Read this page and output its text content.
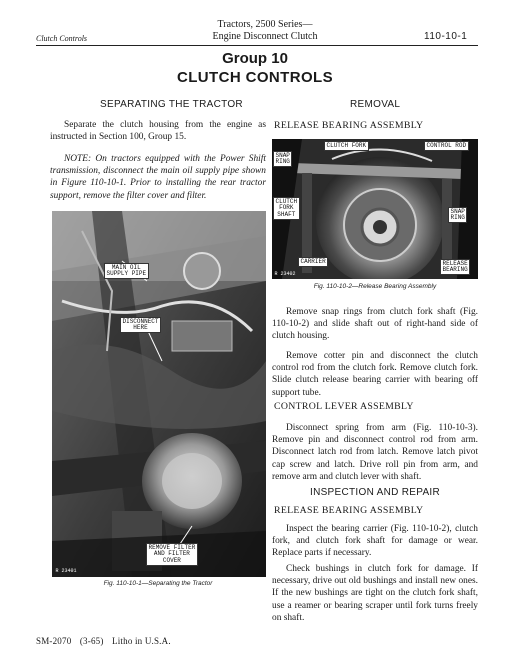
Clutch Controls
Tractors, 2500 Series—
Engine Disconnect Clutch	110-10-1
Group 10
CLUTCH CONTROLS
SEPARATING THE TRACTOR

Separate the clutch housing from the engine as instructed in Section 100, Group 15.

NOTE: On tractors equipped with the Power Shift transmission, disconnect the main oil supply pipe shown in Figure 110-10-1. Prior to installing the rear tractor support, remove the filter cover and filter.

MAIN OIL
SUPPLY PIPE
DISCONNECT
HERE
REMOVE FILTER
AND FILTER
COVER
R 23401
Fig. 110-10-1—Separating the Tractor
REMOVAL
RELEASE BEARING ASSEMBLY
CLUTCH FORK	CONTROL ROD
SNAP
RING
CLUTCH
FORK
SHAFT	SNAP
RING
CARRIER	RELEASE
BEARING
R 23402
Fig. 110-10-2—Release Bearing Assembly

Remove snap rings from clutch fork shaft (Fig. 110-10-2) and slide shaft out of right-hand side of clutch housing.

Remove cotter pin and disconnect the clutch control rod from the clutch fork. Remove clutch fork. Slide clutch release bearing carrier with bearing off support tube.

CONTROL LEVER ASSEMBLY

Disconnect spring from arm (Fig. 110-10-3). Remove pin and disconnect control rod from arm. Disconnect latch rod from latch. Remove latch pivot cap screw and latch. Drive roll pin from arm, and remove arm and clutch lever with shaft.

INSPECTION AND REPAIR
RELEASE BEARING ASSEMBLY

Inspect the bearing carrier (Fig. 110-10-2), clutch fork, and clutch fork shaft for damage or wear. Replace parts if necessary.

Check bushings in clutch fork for damage. If necessary, drive out old bushings and install new ones. If the new bushings are tight on the clutch fork shaft, use a reamer or bearing scraper until fork turns freely on shaft.

SM-2070 (3-65) Litho in U.S.A.
